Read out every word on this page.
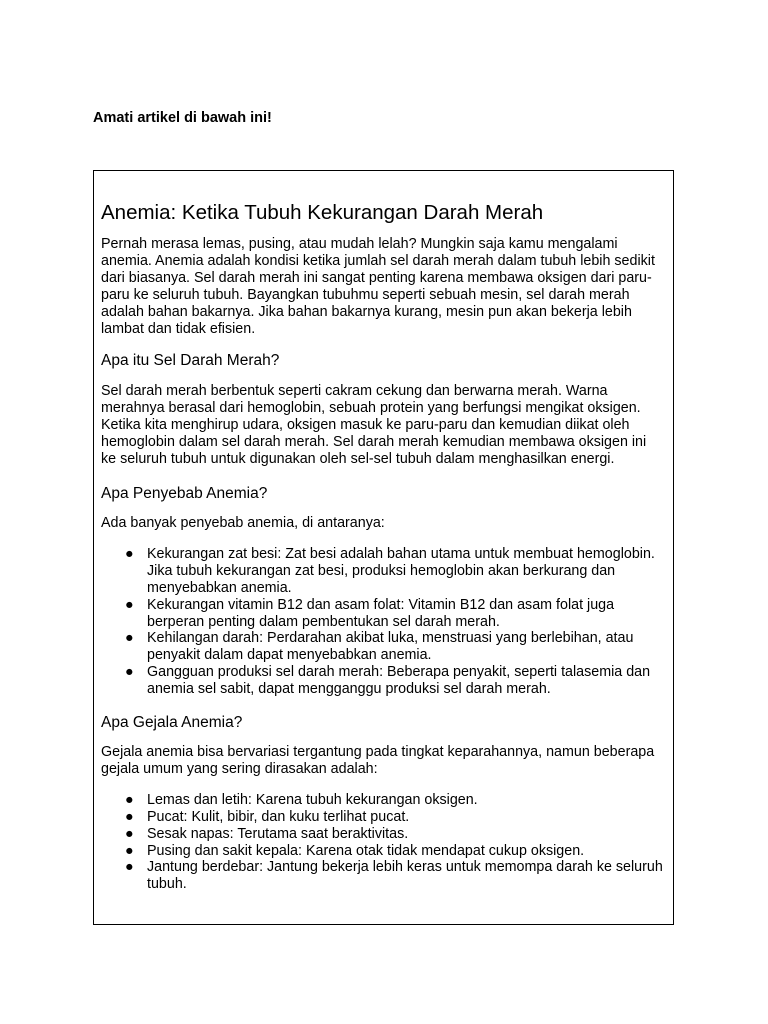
Amati artikel di bawah ini!

Anemia: Ketika Tubuh Kekurangan Darah Merah

Pernah merasa lemas, pusing, atau mudah lelah? Mungkin saja kamu mengalami anemia. Anemia adalah kondisi ketika jumlah sel darah merah dalam tubuh lebih sedikit dari biasanya. Sel darah merah ini sangat penting karena membawa oksigen dari paru-paru ke seluruh tubuh. Bayangkan tubuhmu seperti sebuah mesin, sel darah merah adalah bahan bakarnya. Jika bahan bakarnya kurang, mesin pun akan bekerja lebih lambat dan tidak efisien.

Apa itu Sel Darah Merah?

Sel darah merah berbentuk seperti cakram cekung dan berwarna merah. Warna merahnya berasal dari hemoglobin, sebuah protein yang berfungsi mengikat oksigen. Ketika kita menghirup udara, oksigen masuk ke paru-paru dan kemudian diikat oleh hemoglobin dalam sel darah merah. Sel darah merah kemudian membawa oksigen ini ke seluruh tubuh untuk digunakan oleh sel-sel tubuh dalam menghasilkan energi.

Apa Penyebab Anemia?

Ada banyak penyebab anemia, di antaranya:

● Kekurangan zat besi: Zat besi adalah bahan utama untuk membuat hemoglobin. Jika tubuh kekurangan zat besi, produksi hemoglobin akan berkurang dan menyebabkan anemia.
● Kekurangan vitamin B12 dan asam folat: Vitamin B12 dan asam folat juga berperan penting dalam pembentukan sel darah merah.
● Kehilangan darah: Perdarahan akibat luka, menstruasi yang berlebihan, atau penyakit dalam dapat menyebabkan anemia.
● Gangguan produksi sel darah merah: Beberapa penyakit, seperti talasemia dan anemia sel sabit, dapat mengganggu produksi sel darah merah.
Apa Gejala Anemia?

Gejala anemia bisa bervariasi tergantung pada tingkat keparahannya, namun beberapa gejala umum yang sering dirasakan adalah:

● Lemas dan letih: Karena tubuh kekurangan oksigen.
● Pucat: Kulit, bibir, dan kuku terlihat pucat.
● Sesak napas: Terutama saat beraktivitas.
● Pusing dan sakit kepala: Karena otak tidak mendapat cukup oksigen.
● Jantung berdebar: Jantung bekerja lebih keras untuk memompa darah ke seluruh tubuh.
